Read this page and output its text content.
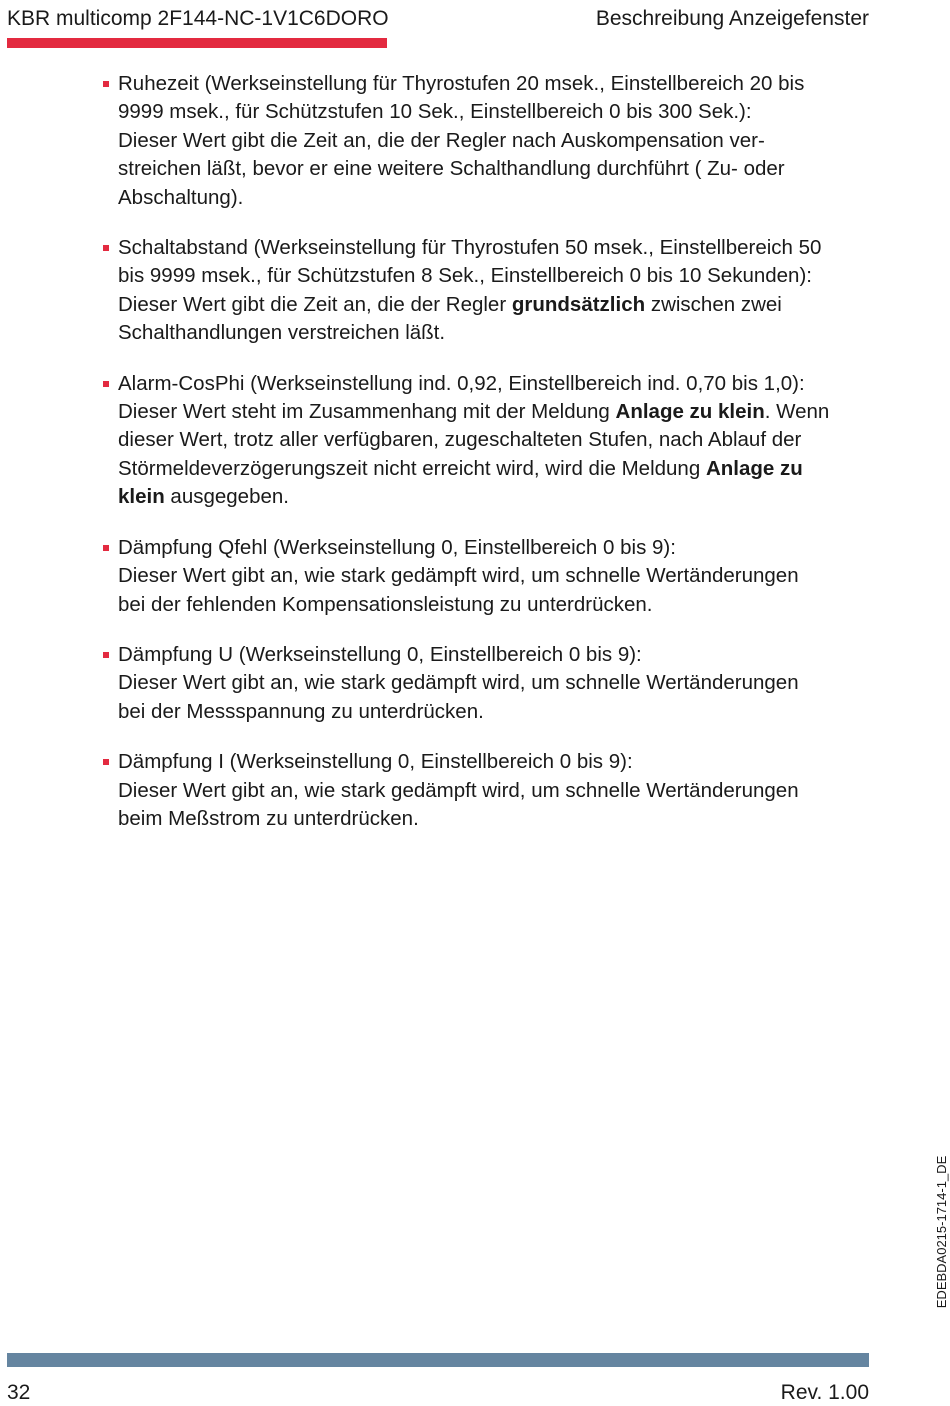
KBR multicomp 2F144-NC-1V1C6DORO	Beschreibung Anzeigefenster
Ruhezeit (Werkseinstellung für Thyrostufen 20 msek., Einstellbereich 20 bis
9999 msek., für Schützstufen 10 Sek., Einstellbereich 0 bis 300 Sek.):
Dieser Wert gibt die Zeit an, die der Regler nach Auskompensation ver-
streichen läßt, bevor er eine weitere Schalthandlung durchführt ( Zu- oder
Abschaltung).
Schaltabstand (Werkseinstellung für Thyrostufen 50 msek., Einstellbereich 50
bis 9999 msek., für Schützstufen 8 Sek., Einstellbereich 0 bis 10 Sekunden):
Dieser Wert gibt die Zeit an, die der Regler grundsätzlich zwischen zwei
Schalthandlungen verstreichen läßt.
Alarm-CosPhi (Werkseinstellung ind. 0,92, Einstellbereich ind. 0,70 bis 1,0):
Dieser Wert steht im Zusammenhang mit der Meldung Anlage zu klein. Wenn
dieser Wert, trotz aller verfügbaren, zugeschalteten Stufen, nach Ablauf der
Störmeldeverzögerungszeit nicht erreicht wird, wird die Meldung Anlage zu
klein ausgegeben.
Dämpfung Qfehl (Werkseinstellung 0, Einstellbereich 0 bis 9):
Dieser Wert gibt an, wie stark gedämpft wird, um schnelle Wertänderungen
bei der fehlenden Kompensationsleistung zu unterdrücken.
Dämpfung U (Werkseinstellung 0, Einstellbereich 0 bis 9):
Dieser Wert gibt an, wie stark gedämpft wird, um schnelle Wertänderungen
bei der Messspannung zu unterdrücken.
Dämpfung I (Werkseinstellung 0, Einstellbereich 0 bis 9):
Dieser Wert gibt an, wie stark gedämpft wird, um schnelle Wertänderungen
beim Meßstrom zu unterdrücken.
EDEBDA0215-1714-1_DE
32	Rev. 1.00
